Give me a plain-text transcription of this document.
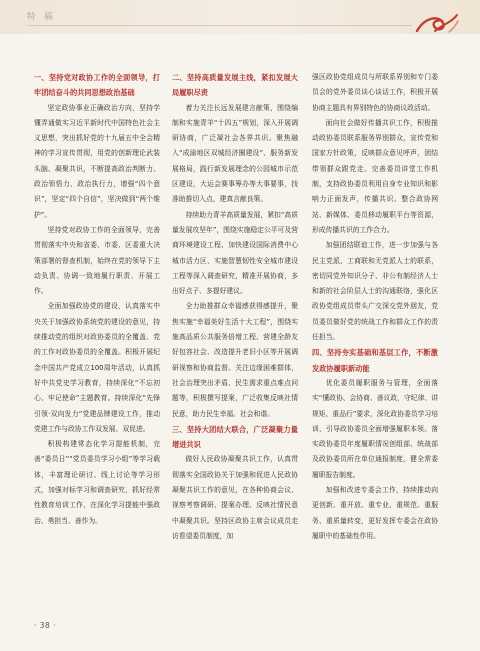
特 稿
一、坚持党对政协工作的全面领导，打牢团结奋斗的共同思想政治基础

坚定政协事业正确政治方向，坚持学懂弄通做实习近平新时代中国特色社会主义思想，突出抓好党的十九届五中全会精神的学习宣传贯彻，用党的创新理论武装头脑、凝聚共识，不断提高政治判断力、政治领悟力、政治执行力，增强“四个意识”，坚定“四个自信”，坚决做到“两个维护”。

坚持党对政协工作的全面领导，完善贯彻落实中央和省委、市委、区委重大决策部署的督查机制，始终在党的领导下主动负责、协调一致地履行职责、开展工作。

全面加强政协党的建设，认真落实中央关于加强政协系统党的建设的意见，持续推动党的组织对政协委员的全覆盖、党的工作对政协委员的全覆盖。积极开展纪念中国共产党成立100周年活动，认真抓好中共党史学习教育，持续深化“不忘初心、牢记使命”主题教育。持续深化“先锋引领·双向发力”党建品牌建设工作，推动党建工作与政协工作双发展、双促进。

积极构建常态化学习提能机制，完善“委员日”“党员委员学习小组”等学习载体，丰富理论研讨、线上讨论等学习形式，加强对标学习和调查研究，抓好经常性教育培训工作，在深化学习提能中强政治、勇担当、善作为。

二、坚持高质量发展主线，紧扣发展大局履职尽责

着力关注长远发展建言献策，围绕编制和实施青羊“十四五”规划，深入开展调研协商，广泛凝社会各界共识。聚焦融入“成渝地区双城经济圈建设”、服务新发展格局，践行新发展理念的公园城市示范区建设，大运会赛事筹办等大事要事，找准助推切入点，建真言献良策。

持续助力青羊高质量发展，紧扣“高质量发展攻坚年”，围绕实施稳定公平可及营商环境建设工程、加快建设国际消费中心城市活力区、实施智慧韧性安全城市建设工程等深入调查研究，精准开展协商，多出好点子、多提好建议。

全力助推群众幸福感获得感提升，聚焦实施“幸福美好生活十大工程”，围绕实施高品质公共服务倍增工程、营建全龄友好包容社会、改造提升老旧小区等开展调研视察和协商监督。关注边缘困难群体，社会治理突出矛盾、民生需求重点难点问题等，积极撰写提案，广泛收集反映社情民意，助力民生幸福、社会和谐。

三、坚持大团结大联合，广泛凝聚力量增进共识

做好人民政协凝聚共识工作，认真贯彻落实全国政协关于加强和促进人民政协凝聚共识工作的意见，在各种协商会议、视察考察调研、提案办理、反映社情民意中凝聚共识。坚持区政协主席会议成员走访看望委员制度，加

强区政协党组成员与所联系界别和专门委员会的党外委员谈心谈话工作，积极开展协商主题具有界别特色的协商议政活动。

面向社会做好传播共识工作，积极推动政协委员联系服务界别群众，宣传党和国家方针政策，反映群众意见呼声，团结带领群众跟党走。完善委员讲堂工作机制，支持政协委员利用自身专业知识和影响力正面发声，传播共识。整合政协网站、新媒体、委员移动履职平台等资源，形成传播共识的工作合力。

加强团结联谊工作，进一步加强与各民主党派、工商联和无党派人士的联系，密切同党外知识分子、非公有制经济人士和新的社会阶层人士的沟通联络，强化区政协党组成员带头广交深交党外朋友，党员委员做好党的统战工作和群众工作的责任担当。

四、坚持夯实基础和基层工作，不断激发政协履职新动能

优化委员履职服务与管理，全面落实“懂政协、会协商、善议政，守纪律、讲规矩、重品行”要求，深化政协委员学习培训，引导政协委员全面增强履职本领。落实政协委员年度履职情况创组部、统战部及政协委员所在单位通报制度，健全常委履职报告制度。

加强和改进专委会工作，持续推动向更创新、重开放、重专业、重规范、重服务、重质量转变，更好发挥专委会在政协履职中的基础性作用。

· 38 ·
